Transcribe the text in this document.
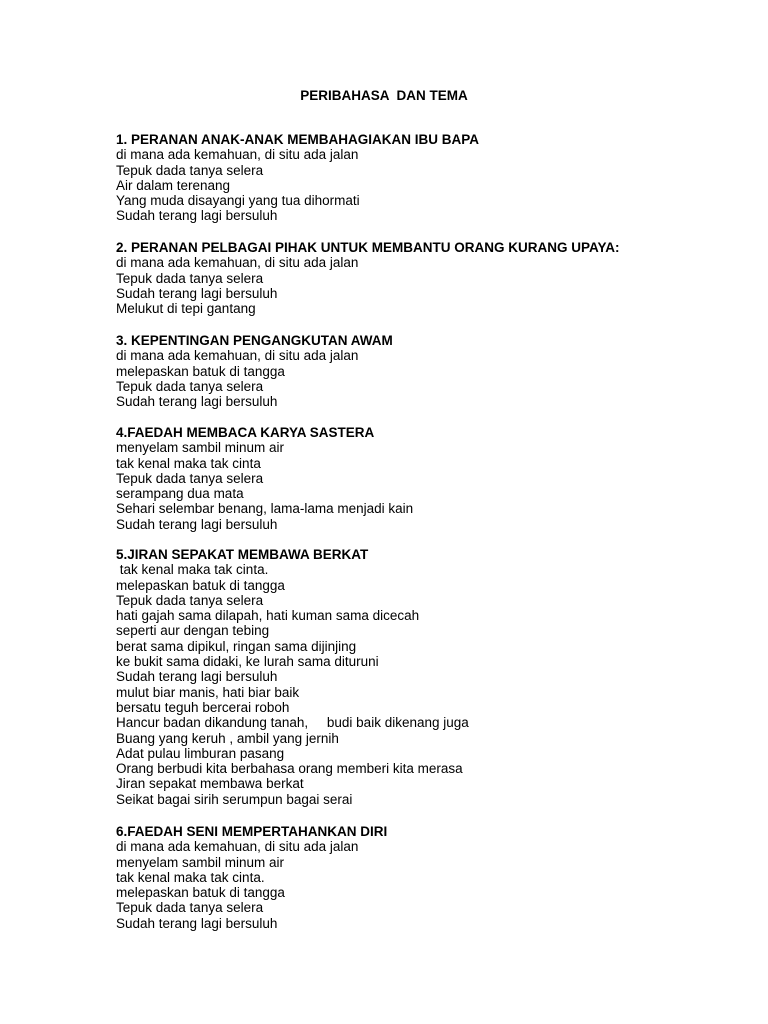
PERIBAHASA  DAN TEMA
1. PERANAN ANAK-ANAK MEMBAHAGIAKAN IBU BAPA
di mana ada kemahuan, di situ ada jalan
Tepuk dada tanya selera
Air dalam terenang
Yang muda disayangi yang tua dihormati
Sudah terang lagi bersuluh
2. PERANAN PELBAGAI PIHAK UNTUK MEMBANTU ORANG KURANG UPAYA:
di mana ada kemahuan, di situ ada jalan
Tepuk dada tanya selera
Sudah terang lagi bersuluh
Melukut di tepi gantang
3. KEPENTINGAN PENGANGKUTAN AWAM
di mana ada kemahuan, di situ ada jalan
melepaskan batuk di tangga
Tepuk dada tanya selera
Sudah terang lagi bersuluh
4.FAEDAH MEMBACA KARYA SASTERA
menyelam sambil minum air
tak kenal maka tak cinta
Tepuk dada tanya selera
serampang dua mata
Sehari selembar benang, lama-lama menjadi kain
Sudah terang lagi bersuluh
5.JIRAN SEPAKAT MEMBAWA BERKAT
tak kenal maka tak cinta.
melepaskan batuk di tangga
Tepuk dada tanya selera
hati gajah sama dilapah, hati kuman sama dicecah
seperti aur dengan tebing
berat sama dipikul, ringan sama dijinjing
ke bukit sama didaki, ke lurah sama dituruni
Sudah terang lagi bersuluh
mulut biar manis, hati biar baik
bersatu teguh bercerai roboh
Hancur badan dikandung tanah,     budi baik dikenang juga
Buang yang keruh , ambil yang jernih
Adat pulau limburan pasang
Orang berbudi kita berbahasa orang memberi kita merasa
Jiran sepakat membawa berkat
Seikat bagai sirih serumpun bagai serai
6.FAEDAH SENI MEMPERTAHANKAN DIRI
di mana ada kemahuan, di situ ada jalan
menyelam sambil minum air
tak kenal maka tak cinta.
melepaskan batuk di tangga
Tepuk dada tanya selera
Sudah terang lagi bersuluh
